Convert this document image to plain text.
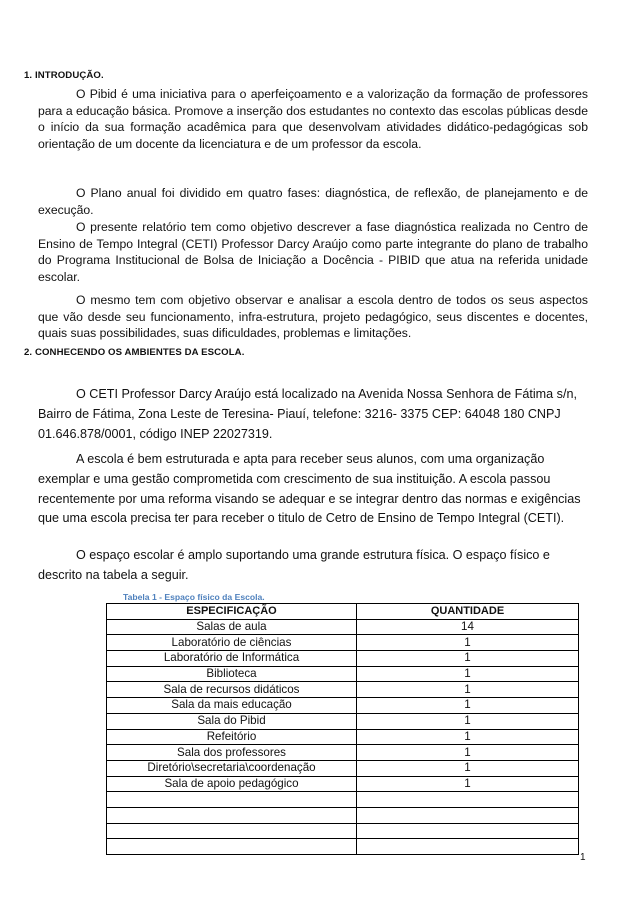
1. INTRODUÇÃO.

O Pibid é uma iniciativa para o aperfeiçoamento e a valorização da formação de professores para a educação básica. Promove a inserção dos estudantes no contexto das escolas públicas desde o início da sua formação acadêmica para que desenvolvam atividades didático-pedagógicas sob orientação de um docente da licenciatura e de um professor da escola.

O Plano anual foi dividido em quatro fases: diagnóstica, de reflexão, de planejamento e de execução.

O presente relatório tem como objetivo descrever a fase diagnóstica realizada no Centro de Ensino de Tempo Integral (CETI) Professor Darcy Araújo como parte integrante do plano de trabalho do Programa Institucional de Bolsa de Iniciação a Docência - PIBID que atua na referida unidade escolar.

O mesmo tem com objetivo observar e analisar a escola dentro de todos os seus aspectos que vão desde seu funcionamento, infra-estrutura, projeto pedagógico, seus discentes e docentes, quais suas possibilidades, suas dificuldades, problemas e limitações.

2. CONHECENDO OS AMBIENTES DA ESCOLA.

O CETI Professor Darcy Araújo está localizado na Avenida Nossa Senhora de Fátima s/n, Bairro de Fátima, Zona Leste de Teresina- Piauí, telefone: 3216- 3375 CEP: 64048 180 CNPJ 01.646.878/0001, código INEP 22027319.

A escola é bem estruturada e apta para receber seus alunos, com uma organização exemplar e uma gestão comprometida com crescimento de sua instituição. A escola passou recentemente por uma reforma visando se adequar e se integrar dentro das normas e exigências que uma escola precisa ter para receber o titulo de Cetro de Ensino de Tempo Integral (CETI).

O espaço escolar é amplo suportando uma grande estrutura física. O espaço físico e descrito na tabela a seguir.

Tabela 1 - Espaço físico da Escola.
ESPECIFICAÇÃO	QUANTIDADE
Salas de aula	14
Laboratório de ciências	1
Laboratório de Informática	1
Biblioteca	1
Sala de recursos didáticos	1
Sala da mais educação	1
Sala do Pibid	1
Refeitório	1
Sala dos professores	1
Diretório\secretaria\coordenação	1
Sala de apoio pedagógico	1

1
